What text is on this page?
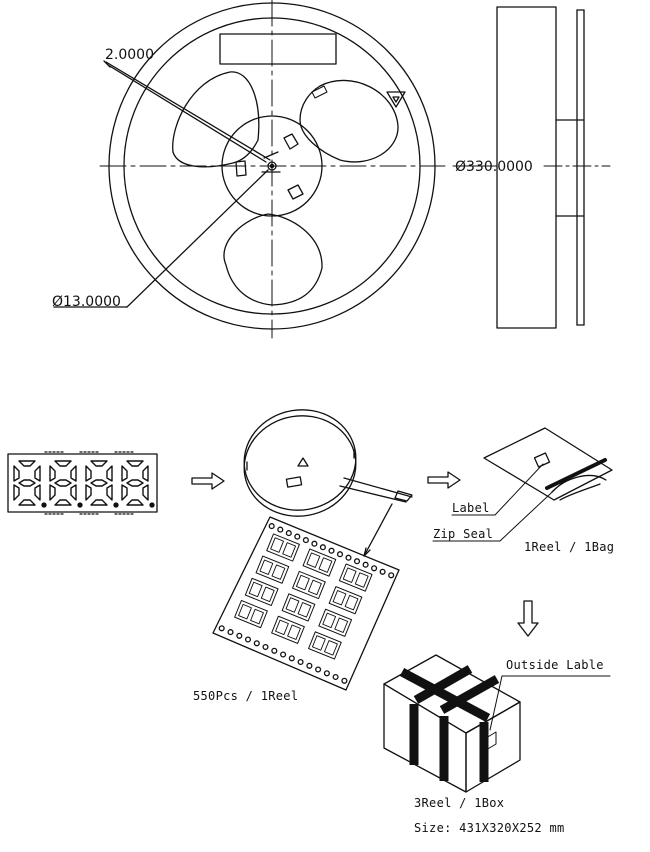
2.0000
Ø330.0000
Ø13.0000
550Pcs / 1Reel
Label
Zip Seal
1Reel / 1Bag
Outside Lable
3Reel / 1Box
Size: 431X320X252 mm
